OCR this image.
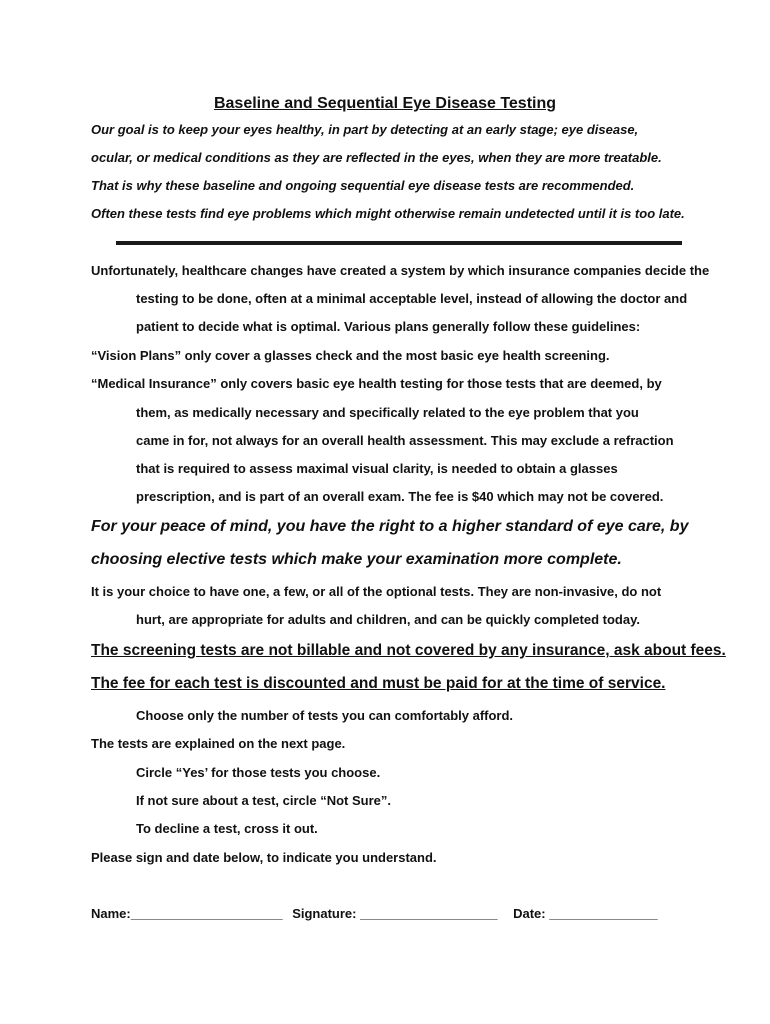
Baseline and Sequential Eye Disease Testing
Our goal is to keep your eyes healthy, in part by detecting at an early stage; eye disease,
ocular, or medical conditions as they are reflected in the eyes, when they are more treatable.
That is why these baseline and ongoing sequential eye disease tests are recommended.
Often these tests find eye problems which might otherwise remain undetected until it is too late.
Unfortunately, healthcare changes have created a system by which insurance companies decide the
testing to be done, often at a minimal acceptable level, instead of allowing the doctor and
patient to decide what is optimal. Various plans generally follow these guidelines:
“Vision Plans” only cover a glasses check and the most basic eye health screening.
“Medical Insurance” only covers basic eye health testing for those tests that are deemed, by
them, as medically necessary and specifically related to the eye problem that you
came in for, not always for an overall health assessment. This may exclude a refraction
that is required to assess maximal visual clarity, is needed to obtain a glasses
prescription, and is part of an overall exam. The fee is $40 which may not be covered.
For your peace of mind, you have the right to a higher standard of eye care, by
choosing elective tests which make your examination more complete.
It is your choice to have one, a few, or all of the optional tests. They are non-invasive, do not
hurt, are appropriate for adults and children, and can be quickly completed today.
The screening tests are not billable and not covered by any insurance, ask about fees.
The fee for each test is discounted and must be paid for at the time of service.
Choose only the number of tests you can comfortably afford.
The tests are explained on the next page.
Circle “Yes’ for those tests you choose.
If not sure about a test, circle “Not Sure”.
To decline a test, cross it out.
Please sign and date below, to indicate you understand.
Name:_____________________ Signature: ___________________ Date: _______________
